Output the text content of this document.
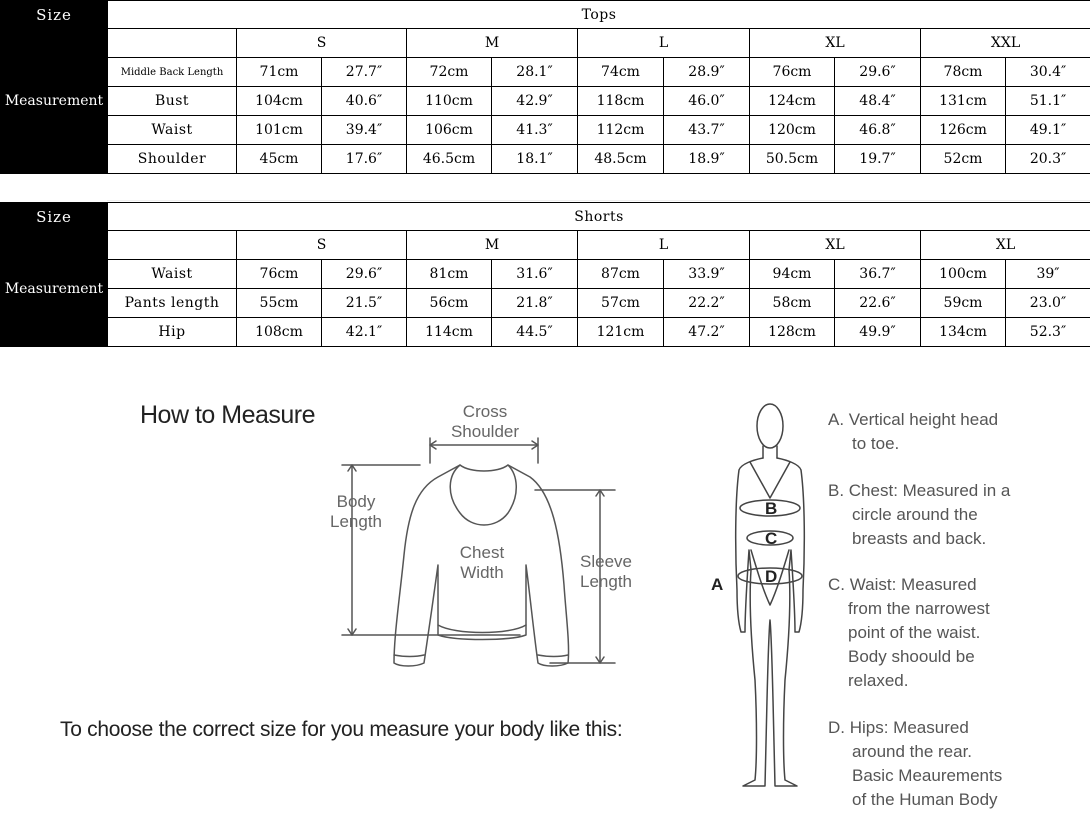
Size	Tops										
Measurement		S		M		L		XL		XXL	
	Middle Back Length	71cm	27.7″	72cm	28.1″	74cm	28.9″	76cm	29.6″	78cm	30.4″
	Bust	104cm	40.6″	110cm	42.9″	118cm	46.0″	124cm	48.4″	131cm	51.1″
	Waist	101cm	39.4″	106cm	41.3″	112cm	43.7″	120cm	46.8″	126cm	49.1″
	Shoulder	45cm	17.6″	46.5cm	18.1″	48.5cm	18.9″	50.5cm	19.7″	52cm	20.3″
Size	Shorts										
Measurement		S		M		L		XL		XL	
	Waist	76cm	29.6″	81cm	31.6″	87cm	33.9″	94cm	36.7″	100cm	39″
	Pants length	55cm	21.5″	56cm	21.8″	57cm	22.2″	58cm	22.6″	59cm	23.0″
	Hip	108cm	42.1″	114cm	44.5″	121cm	47.2″	128cm	49.9″	134cm	52.3″
How to Measure	Cross
Shoulder
Body
Length
Chest
Width
Sleeve
Length
To choose the correct size for you measure your body like this:
A
B
C
D
A. Vertical height head
to toe.
B. Chest: Measured in a
circle around the
breasts and back.
C. Waist: Measured
from the narrowest
point of the waist.
Body shoould be
relaxed.
D. Hips: Measured
around the rear.
Basic Meaurements
of the Human Body
